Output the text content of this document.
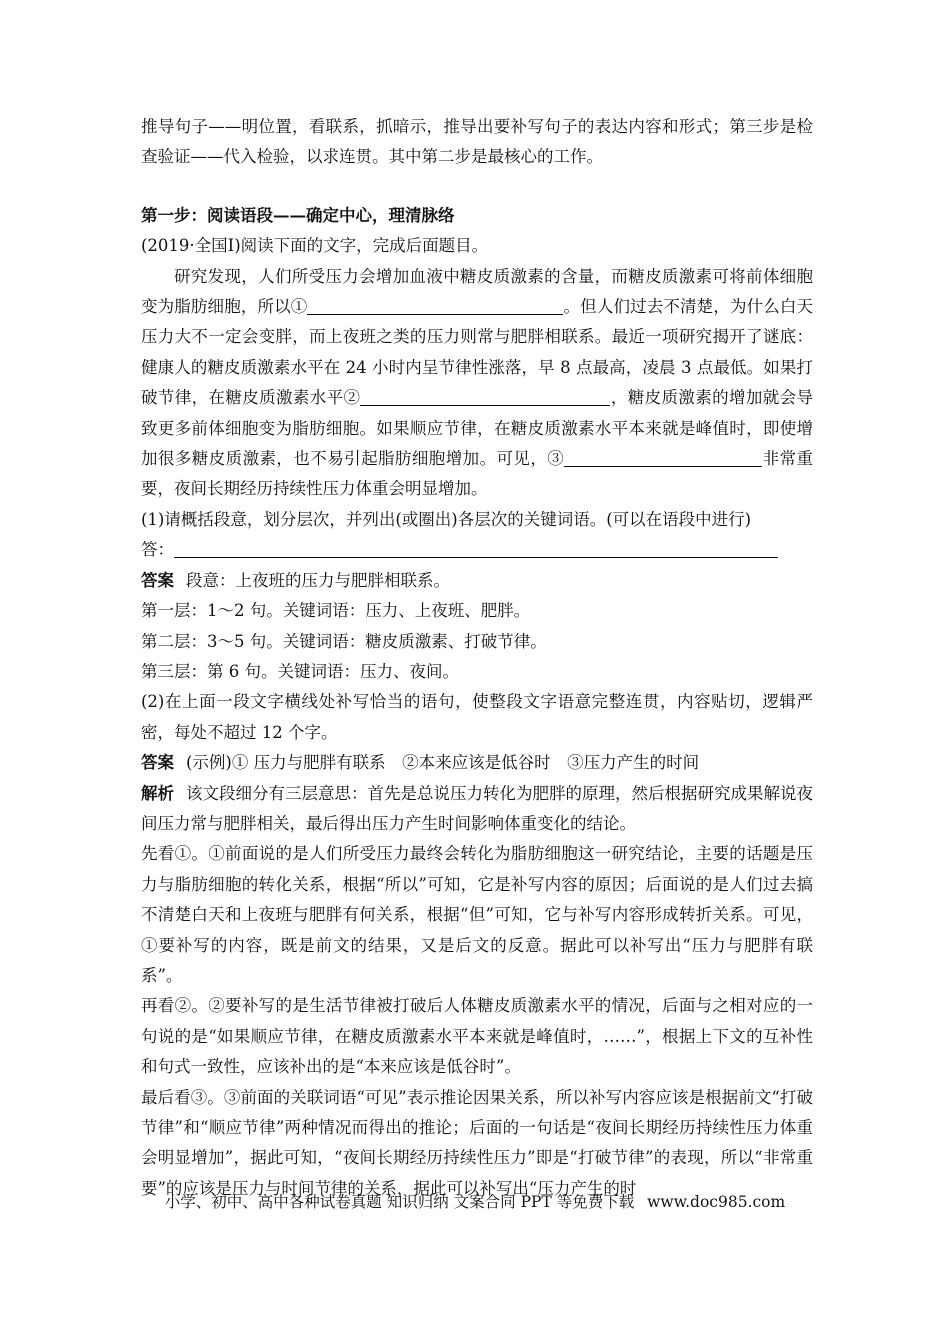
推导句子——明位置，看联系，抓暗示，推导出要补写句子的表达内容和形式；第三步是检查验证——代入检验，以求连贯。其中第二步是最核心的工作。

第一步：阅读语段——确定中心，理清脉络

(2019·全国Ⅰ)阅读下面的文字，完成后面题目。

研究发现，人们所受压力会增加血液中糖皮质激素的含量，而糖皮质激素可将前体细胞变为脂肪细胞，所以①	。但人们过去不清楚，为什么白天压力大不一定会变胖，而上夜班之类的压力则常与肥胖相联系。最近一项研究揭开了谜底：健康人的糖皮质激素水平在 24 小时内呈节律性涨落，早 8 点最高，凌晨 3 点最低。如果打破节律，在糖皮质激素水平②	，糖皮质激素的增加就会导致更多前体细胞变为脂肪细胞。如果顺应节律，在糖皮质激素水平本来就是峰值时，即使增加很多糖皮质激素，也不易引起脂肪细胞增加。可见，③	非常重要，夜间长期经历持续性压力体重会明显增加。

(1)请概括段意，划分层次，并列出(或圈出)各层次的关键词语。(可以在语段中进行)

答：

答案 段意：上夜班的压力与肥胖相联系。

第一层：1～2 句。关键词语：压力、上夜班、肥胖。

第二层：3～5 句。关键词语：糖皮质激素、打破节律。

第三层：第 6 句。关键词语：压力、夜间。

(2)在上面一段文字横线处补写恰当的语句，使整段文字语意完整连贯，内容贴切，逻辑严密，每处不超过 12 个字。

答案 (示例)① 压力与肥胖有联系　②本来应该是低谷时　③压力产生的时间

解析 该文段细分有三层意思：首先是总说压力转化为肥胖的原理，然后根据研究成果解说夜间压力常与肥胖相关，最后得出压力产生时间影响体重变化的结论。

先看①。①前面说的是人们所受压力最终会转化为脂肪细胞这一研究结论，主要的话题是压力与脂肪细胞的转化关系，根据“所以”可知，它是补写内容的原因；后面说的是人们过去搞不清楚白天和上夜班与肥胖有何关系，根据“但”可知，它与补写内容形成转折关系。可见，①要补写的内容，既是前文的结果，又是后文的反意。据此可以补写出“压力与肥胖有联系”。

再看②。②要补写的是生活节律被打破后人体糖皮质激素水平的情况，后面与之相对应的一句说的是“如果顺应节律，在糖皮质激素水平本来就是峰值时，……”，根据上下文的互补性和句式一致性，应该补出的是“本来应该是低谷时”。

最后看③。③前面的关联词语“可见”表示推论因果关系，所以补写内容应该是根据前文“打破节律”和“顺应节律”两种情况而得出的推论；后面的一句话是“夜间长期经历持续性压力体重会明显增加”，据此可知，“夜间长期经历持续性压力”即是“打破节律”的表现，所以“非常重要”的应该是压力与时间节律的关系，据此可以补写出“压力产生的时

小学、初中、高中各种试卷真题 知识归纳 文案合同 PPT 等免费下载 www.doc985.com
